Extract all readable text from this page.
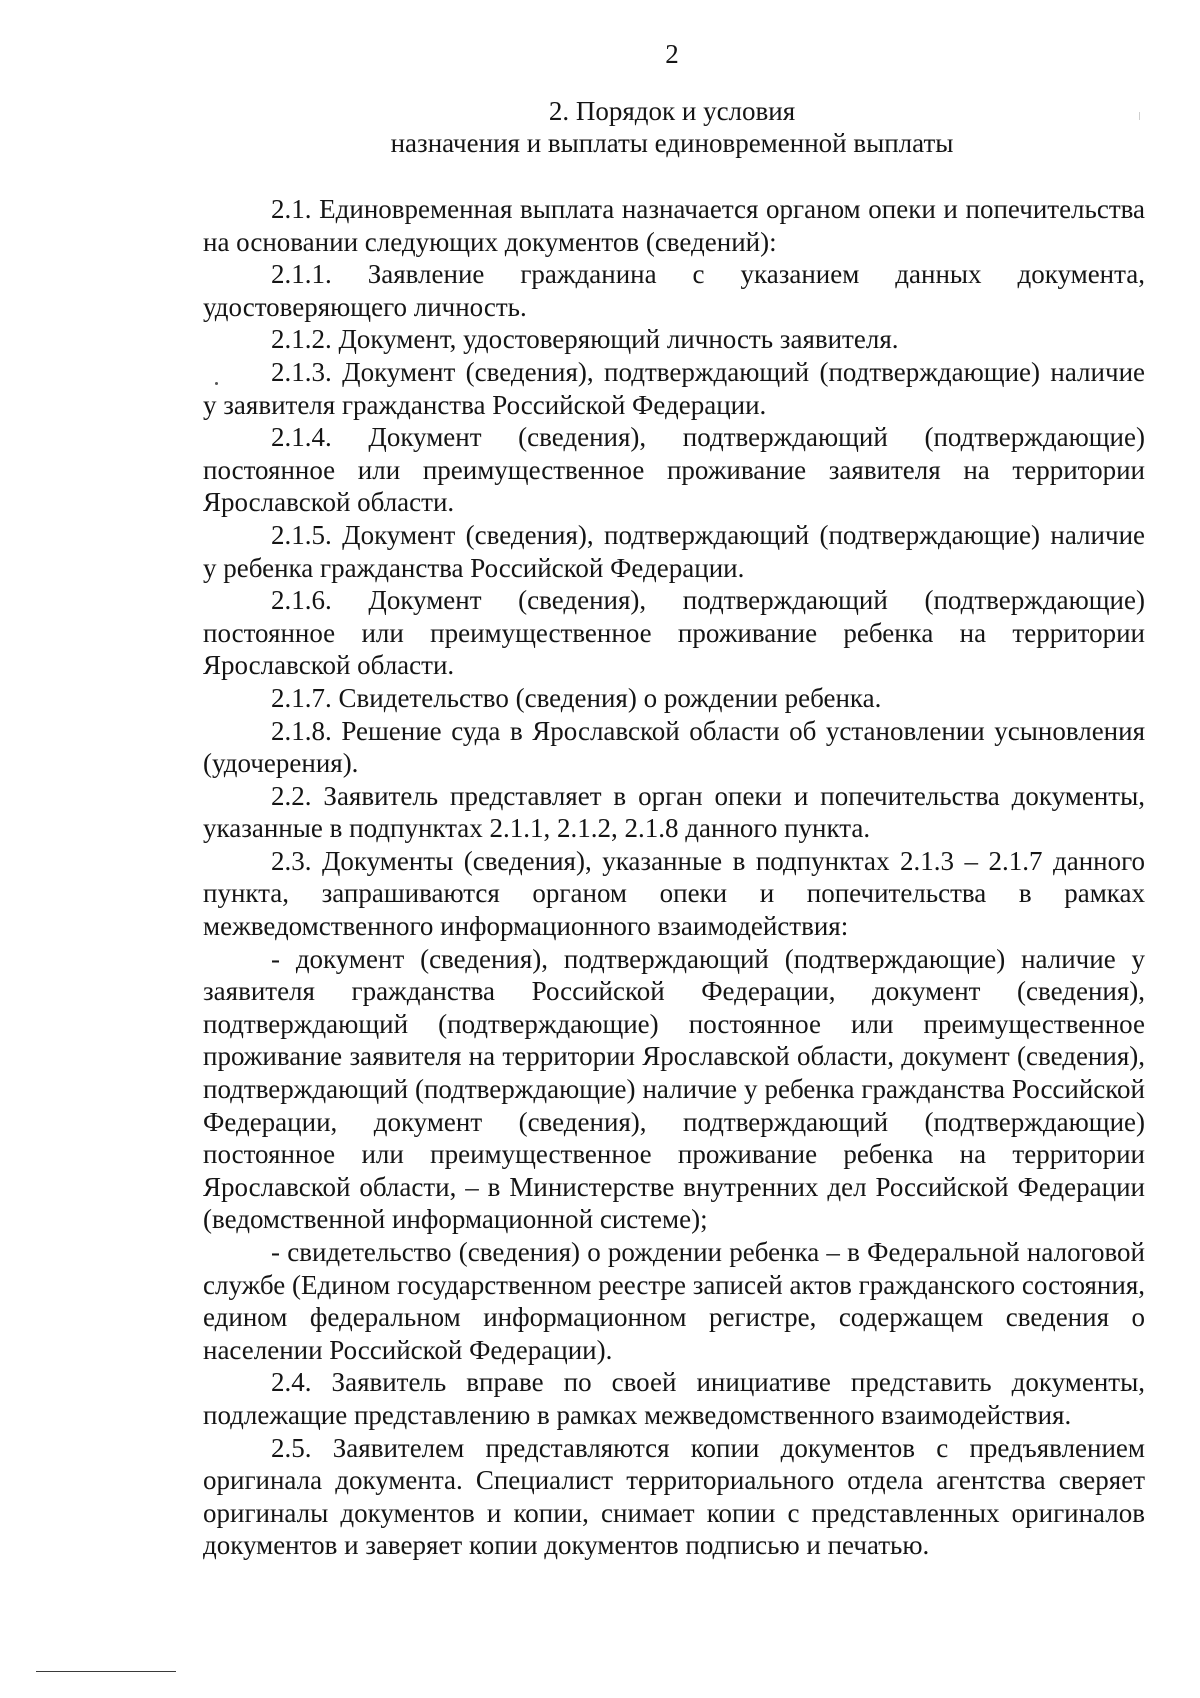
2
2. Порядок и условия
назначения и выплаты единовременной выплаты

2.1. Единовременная выплата назначается органом опеки и попечительства на основании следующих документов (сведений):

2.1.1. Заявление гражданина с указанием данных документа, удостоверяющего личность.

2.1.2. Документ, удостоверяющий личность заявителя.

2.1.3. Документ (сведения), подтверждающий (подтверждающие) наличие у заявителя гражданства Российской Федерации.

2.1.4. Документ (сведения), подтверждающий (подтверждающие) постоянное или преимущественное проживание заявителя на территории Ярославской области.

2.1.5. Документ (сведения), подтверждающий (подтверждающие) наличие у ребенка гражданства Российской Федерации.

2.1.6. Документ (сведения), подтверждающий (подтверждающие) постоянное или преимущественное проживание ребенка на территории Ярославской области.

2.1.7. Свидетельство (сведения) о рождении ребенка.

2.1.8. Решение суда в Ярославской области об установлении усыновления (удочерения).

2.2. Заявитель представляет в орган опеки и попечительства документы, указанные в подпунктах 2.1.1, 2.1.2, 2.1.8 данного пункта.

2.3. Документы (сведения), указанные в подпунктах 2.1.3 – 2.1.7 данного пункта, запрашиваются органом опеки и попечительства в рамках межведомственного информационного взаимодействия:

- документ (сведения), подтверждающий (подтверждающие) наличие у заявителя гражданства Российской Федерации, документ (сведения), подтверждающий (подтверждающие) постоянное или преимущественное проживание заявителя на территории Ярославской области, документ (сведения), подтверждающий (подтверждающие) наличие у ребенка гражданства Российской Федерации, документ (сведения), подтверждающий (подтверждающие) постоянное или преимущественное проживание ребенка на территории Ярославской области, – в Министерстве внутренних дел Российской Федерации (ведомственной информационной системе);

- свидетельство (сведения) о рождении ребенка – в Федеральной налоговой службе (Едином государственном реестре записей актов гражданского состояния, едином федеральном информационном регистре, содержащем сведения о населении Российской Федерации).

2.4. Заявитель вправе по своей инициативе представить документы, подлежащие представлению в рамках межведомственного взаимодействия.

2.5. Заявителем представляются копии документов с предъявлением оригинала документа. Специалист территориального отдела агентства сверяет оригиналы документов и копии, снимает копии с представленных оригиналов документов и заверяет копии документов подписью и печатью.
